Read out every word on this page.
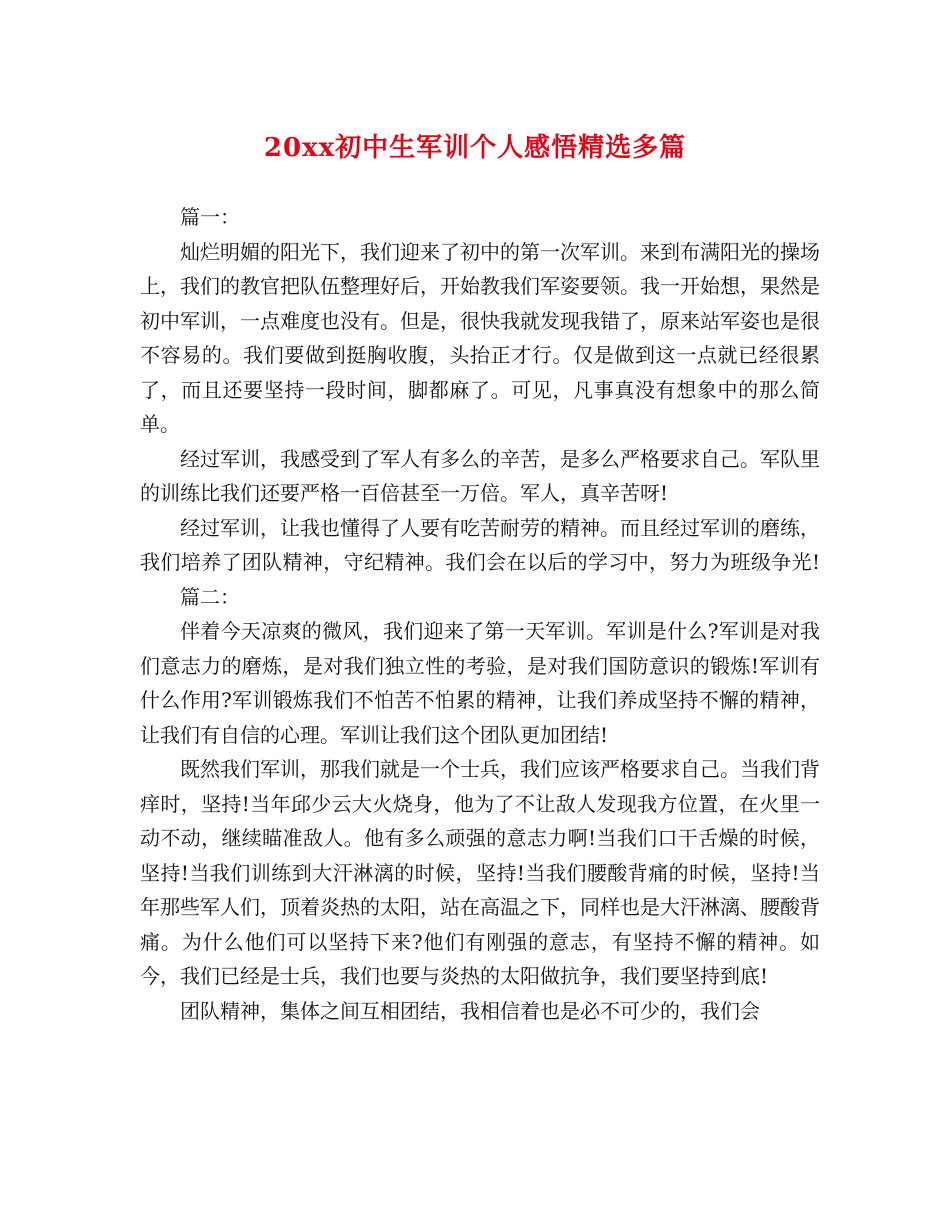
20xx初中生军训个人感悟精选多篇

篇一：

灿烂明媚的阳光下，我们迎来了初中的第一次军训。来到布满阳光的操场上，我们的教官把队伍整理好后，开始教我们军姿要领。我一开始想，果然是初中军训，一点难度也没有。但是，很快我就发现我错了，原来站军姿也是很不容易的。我们要做到挺胸收腹，头抬正才行。仅是做到这一点就已经很累了，而且还要坚持一段时间，脚都麻了。可见，凡事真没有想象中的那么简单。

经过军训，我感受到了军人有多么的辛苦，是多么严格要求自己。军队里的训练比我们还要严格一百倍甚至一万倍。军人，真辛苦呀!

经过军训，让我也懂得了人要有吃苦耐劳的精神。而且经过军训的磨练，我们培养了团队精神，守纪精神。我们会在以后的学习中，努力为班级争光!篇二：

伴着今天凉爽的微风，我们迎来了第一天军训。军训是什么?军训是对我们意志力的磨炼，是对我们独立性的考验，是对我们国防意识的锻炼!军训有什么作用?军训锻炼我们不怕苦不怕累的精神，让我们养成坚持不懈的精神，让我们有自信的心理。军训让我们这个团队更加团结!

既然我们军训，那我们就是一个士兵，我们应该严格要求自己。当我们背痒时，坚持!当年邱少云大火烧身，他为了不让敌人发现我方位置，在火里一动不动，继续瞄准敌人。他有多么顽强的意志力啊!当我们口干舌燥的时候，坚持!当我们训练到大汗淋漓的时候，坚持!当我们腰酸背痛的时候，坚持!当年那些军人们，顶着炎热的太阳，站在高温之下，同样也是大汗淋漓、腰酸背痛。为什么他们可以坚持下来?他们有刚强的意志，有坚持不懈的精神。如今，我们已经是士兵，我们也要与炎热的太阳做抗争，我们要坚持到底!

团队精神，集体之间互相团结，我相信着也是必不可少的，我们会
